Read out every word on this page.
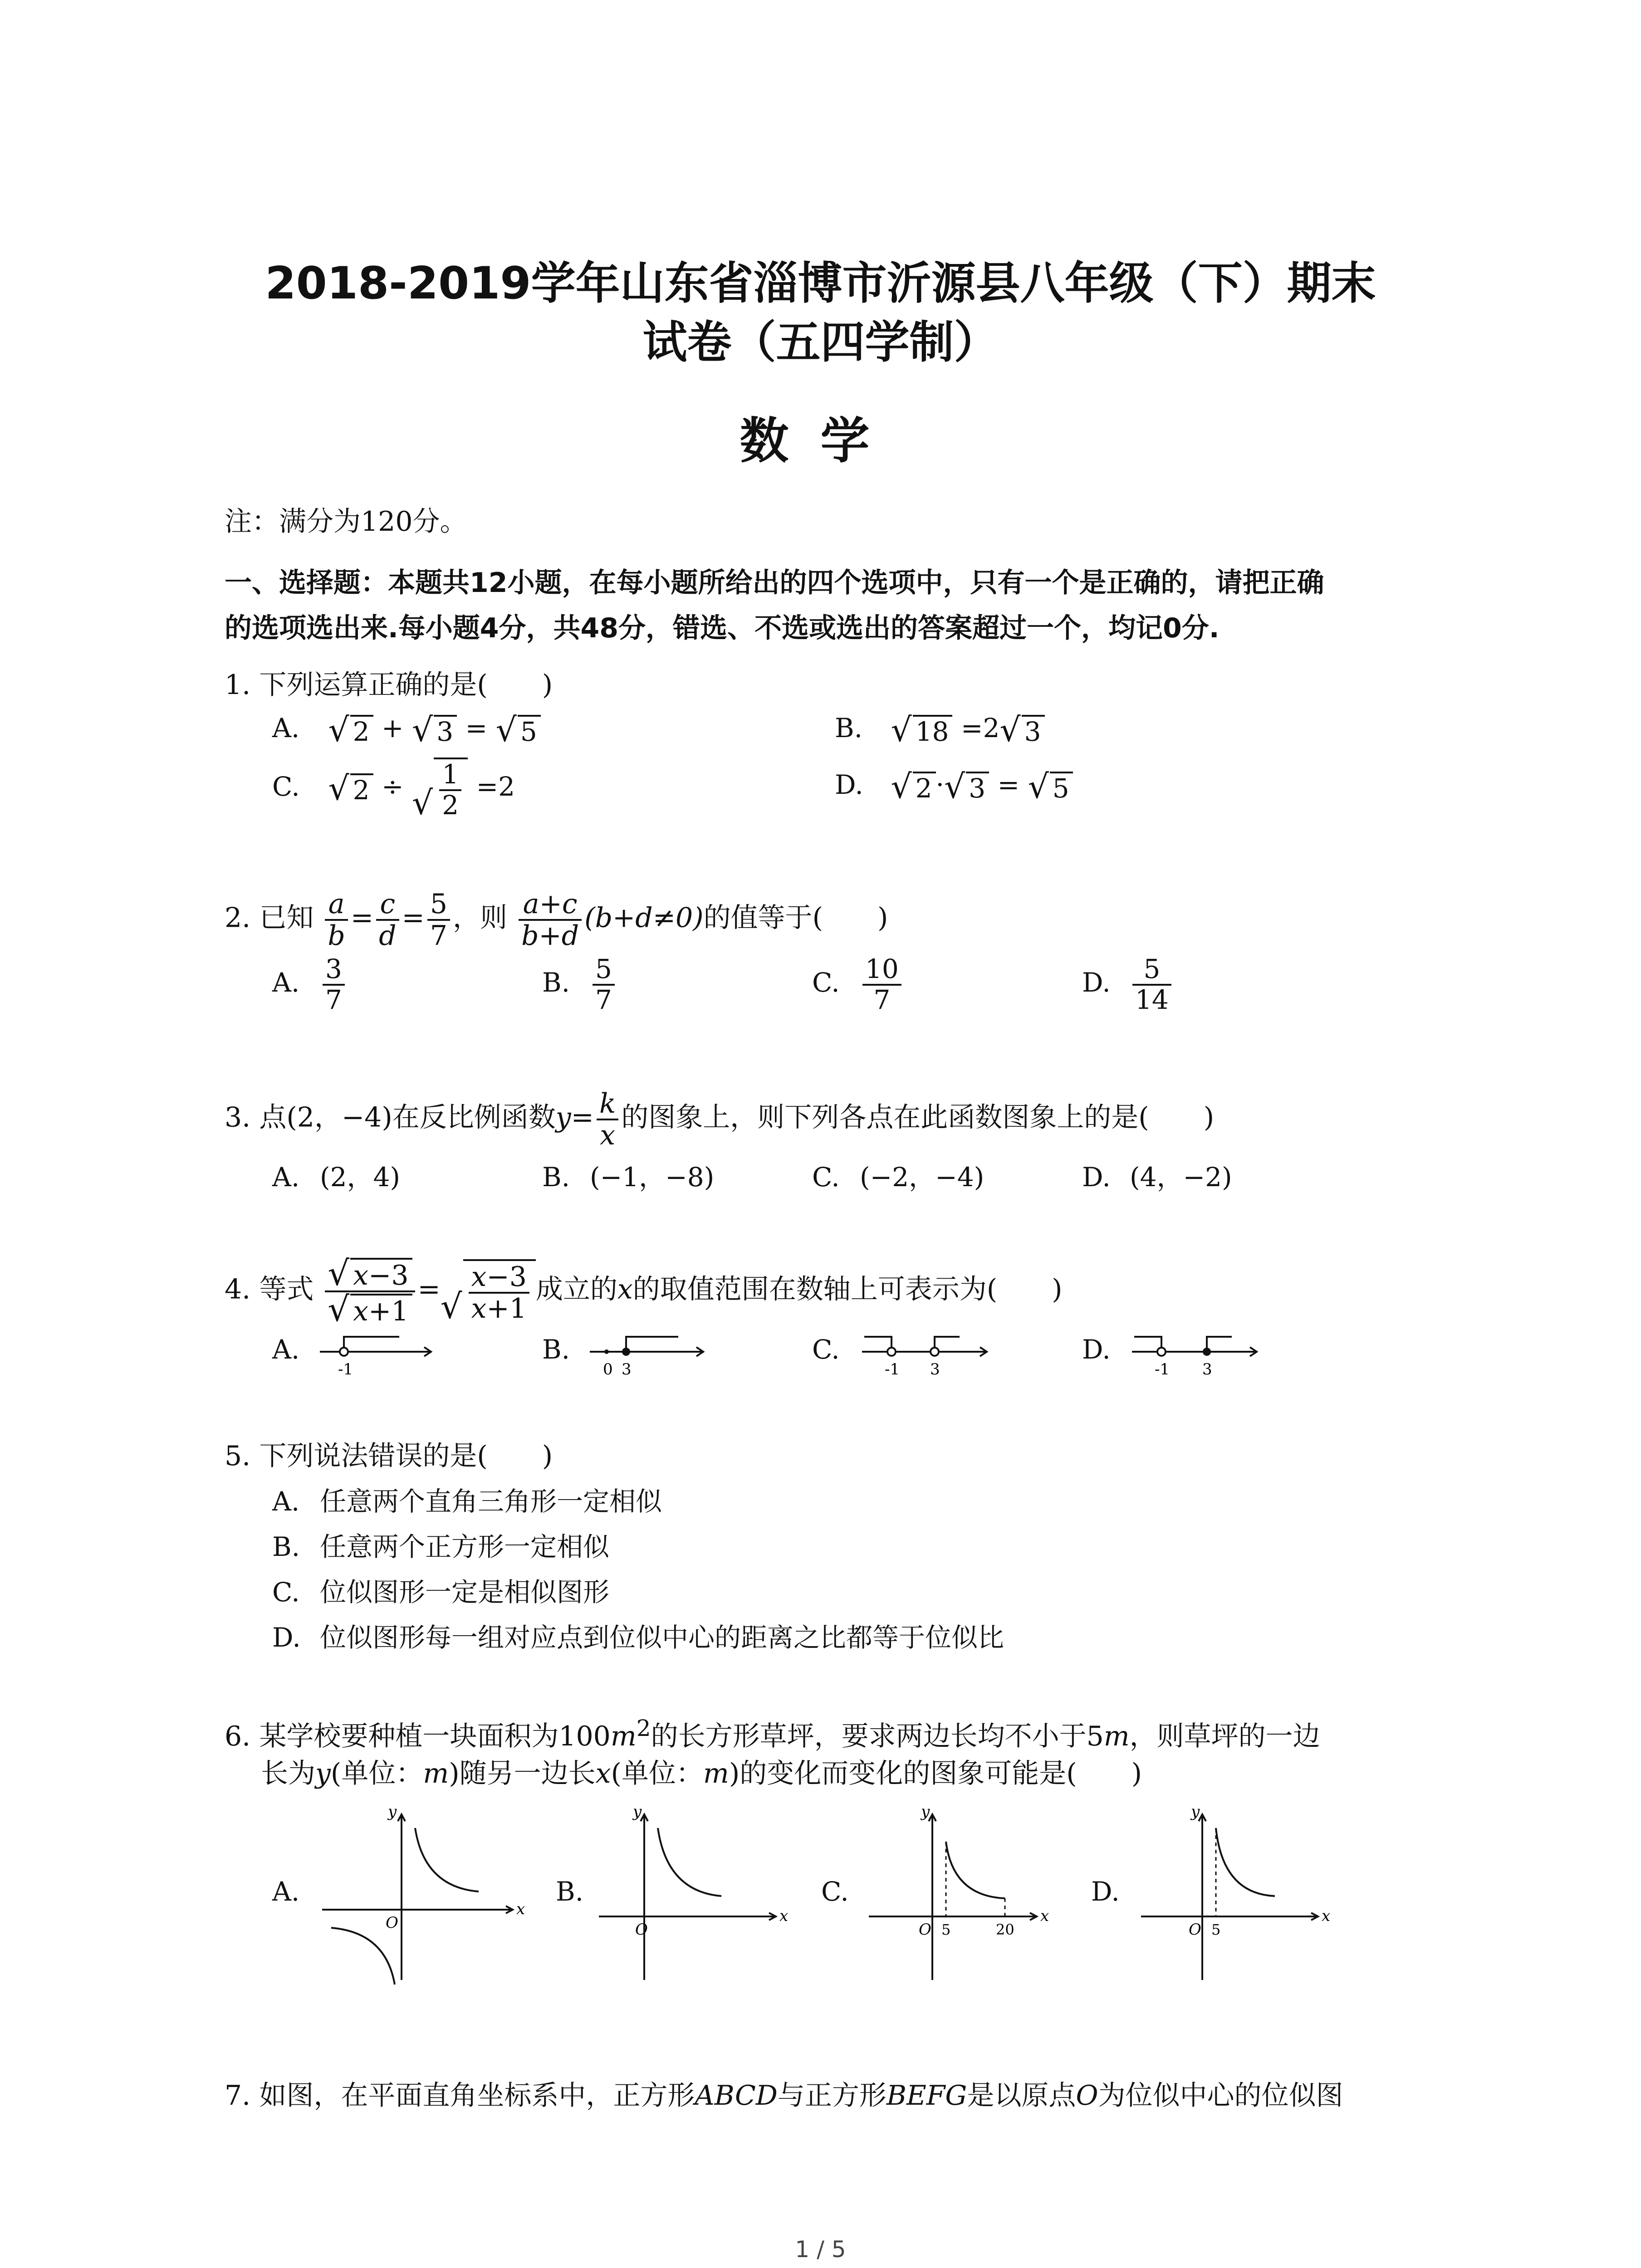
2018-2019学年山东省淄博市沂源县八年级（下）期末
试卷（五四学制）
数学
注：满分为120分。
一、选择题：本题共12小题，在每小题所给出的四个选项中，只有一个是正确的，请把正确
的选项选出来.每小题4分，共48分，错选、不选或选出的答案超过一个，均记0分.
1. 下列运算正确的是(　　)
A. √ 2 + √ 3 = √ 5	B. √ 18 =2 √ 3
C. √ 2 ÷ √ $\frac{1}{2} =2$	D. √ 2 · √ 3 = √ 5
2. 已知 $\frac{a}{b} = \frac{c}{d} = \frac{5}{7}$ ，则 $\frac{a+c}{b+d} (b+d\ne 0)$的值等于(　　)
A. $\frac{3}{7}$	B. $\frac{5}{7}$	C. $\frac{10}{7}$	D. $\frac{5}{14}$
3. 点(2，−4)在反比例函数$y= \frac{k}{x}$ 的图象上，则下列各点在此函数图象上的是(　　)
A. (2，4)	B. (−1，−8)	C. (−2，−4)	D. (4，−2)
4. 等式 $\frac{√ x-3}{√ x+1}$ = √ $\frac{x-3}{x+1}$ 成立的x的取值范围在数轴上可表示为(　　)
A.
-1
B.
0 3
C.
-1 3
D.
-1 3
5. 下列说法错误的是(　　)
A. 任意两个直角三角形一定相似
B. 任意两个正方形一定相似
C. 位似图形一定是相似图形
D. 位似图形每一组对应点到位似中心的距离之比都等于位似比
6. 某学校要种植一块面积为$100m^2$的长方形草坪，要求两边长均不小于5m，则草坪的一边
长为y(单位：m)随另一边长x(单位：m)的变化而变化的图象可能是(　　)
A.
O
x
y
B.
O
x
y
C.
O 5	20
x
y
D.
O 5
x
y
7. 如图，在平面直角坐标系中，正方形ABCD与正方形BEFG是以原点O为位似中心的位似图
1 / 5
